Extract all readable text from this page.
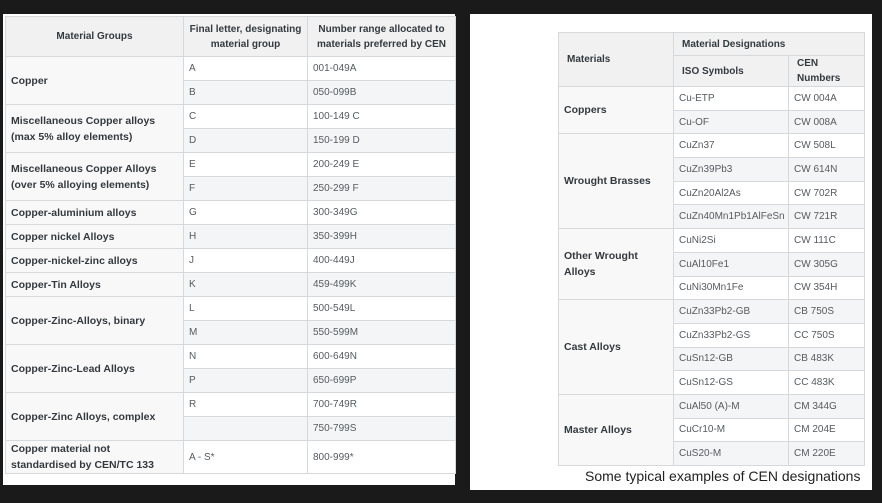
Material Groups	Final letter, designating material group	Number range allocated to materials preferred by CEN
Copper	A	001-049A
	B	050-099B
Miscellaneous Copper alloys (max 5% alloy elements)	C	100-149 C
	D	150-199 D
Miscellaneous Copper Alloys (over 5% alloying elements)	E	200-249 E
	F	250-299 F
Copper-aluminium alloys	G	300-349G
Copper nickel Alloys	H	350-399H
Copper-nickel-zinc alloys	J	400-449J
Copper-Tin Alloys	K	459-499K
Copper-Zinc-Alloys, binary	L	500-549L
	M	550-599M
Copper-Zinc-Lead Alloys	N	600-649N
	P	650-699P
Copper-Zinc Alloys, complex	R	700-749R
		750-799S
Copper material not standardised by CEN/TC 133	A - S*	800-999*
Materials	Material Designations	
	ISO Symbols	CEN Numbers
Coppers	Cu-ETP	CW 004A
	Cu-OF	CW 008A
Wrought Brasses	CuZn37	CW 508L
	CuZn39Pb3	CW 614N
	CuZn20Al2As	CW 702R
	CuZn40Mn1Pb1AlFeSn	CW 721R
Other Wrought Alloys	CuNi2Si	CW 111C
	CuAl10Fe1	CW 305G
	CuNi30Mn1Fe	CW 354H
Cast Alloys	CuZn33Pb2-GB	CB 750S
	CuZn33Pb2-GS	CC 750S
	CuSn12-GB	CB 483K
	CuSn12-GS	CC 483K
Master Alloys	CuAl50 (A)-M	CM 344G
	CuCr10-M	CM 204E
	CuS20-M	CM 220E
Some typical examples of CEN designations
